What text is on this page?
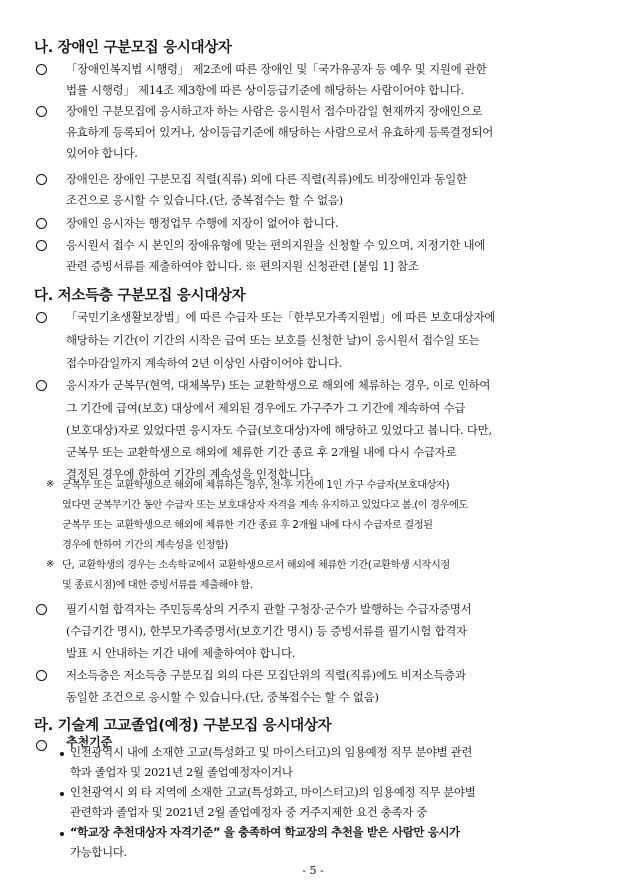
나. 장애인 구분모집 응시대상자
「장애인복지법 시행령」 제2조에 따른 장애인 및「국가유공자 등 예우 및 지원에 관한
법률 시행령」 제14조 제3항에 따른 상이등급기준에 해당하는 사람이어야 합니다.
장애인 구분모집에 응시하고자 하는 사람은 응시원서 접수마감일 현재까지 장애인으로
유효하게 등록되어 있거나, 상이등급기준에 해당하는 사람으로서 유효하게 등록결정되어
있어야 합니다.
장애인은 장애인 구분모집 직렬(직류) 외에 다른 직렬(직류)에도 비장애인과 동일한
조건으로 응시할 수 있습니다.(단, 중복접수는 할 수 없음)
장애인 응시자는 행정업무 수행에 지장이 없어야 합니다.
응시원서 접수 시 본인의 장애유형에 맞는 편의지원을 신청할 수 있으며, 지정기한 내에
관련 증빙서류를 제출하여야 합니다. ※ 편의지원 신청관련 [붙임 1] 참조
다. 저소득층 구분모집 응시대상자
「국민기초생활보장법」에 따른 수급자 또는「한부모가족지원법」에 따른 보호대상자에
해당하는 기간(이 기간의 시작은 급여 또는 보호를 신청한 날)이 응시원서 접수일 또는
접수마감일까지 계속하여 2년 이상인 사람이어야 합니다.
응시자가 군복무(현역, 대체복무) 또는 교환학생으로 해외에 체류하는 경우, 이로 인하여
그 기간에 급여(보호) 대상에서 제외된 경우에도 가구주가 그 기간에 계속하여 수급
(보호대상)자로 있었다면 응시자도 수급(보호대상)자에 해당하고 있었다고 봅니다. 다만,
군복무 또는 교환학생으로 해외에 체류한 기간 종료 후 2개월 내에 다시 수급자로
결정된 경우에 한하여 기간의 계속성을 인정합니다.
※ 군복무 또는 교환학생으로 해외에 체류하는 경우, 전·후 기간에 1인 가구 수급자(보호대상자)
였다면 군복무기간 동안 수급자 또는 보호대상자 자격을 계속 유지하고 있었다고 봄.(이 경우에도
군복무 또는 교환학생으로 해외에 체류한 기간 종료 후 2개월 내에 다시 수급자로 결정된
경우에 한하여 기간의 계속성을 인정함)
※ 단, 교환학생의 경우는 소속학교에서 교환학생으로서 해외에 체류한 기간(교환학생 시작시점
및 종료시점)에 대한 증빙서류를 제출해야 함.
필기시험 합격자는 주민등록상의 거주지 관할 구청장·군수가 발행하는 수급자증명서
(수급기간 명시), 한부모가족증명서(보호기간 명시) 등 증빙서류를 필기시험 합격자
발표 시 안내하는 기간 내에 제출하여야 합니다.
저소득층은 저소득층 구분모집 외의 다른 모집단위의 직렬(직류)에도 비저소득층과
동일한 조건으로 응시할 수 있습니다.(단, 중복접수는 할 수 없음)
라. 기술계 고교졸업(예정) 구분모집 응시대상자
추천기준
인천광역시 내에 소재한 고교(특성화고 및 마이스터고)의 임용예정 직무 분야별 관련
학과 졸업자 및 2021년 2월 졸업예정자이거나
인천광역시 외 타 지역에 소재한 고교(특성화고, 마이스터고)의 임용예정 직무 분야별
관련학과 졸업자 및 2021년 2월 졸업예정자 중 거주지제한 요건 충족자 중
“학교장 추천대상자 자격기준” 을 충족하여 학교장의 추천을 받은 사람만 응시가
가능합니다.
- 5 -
